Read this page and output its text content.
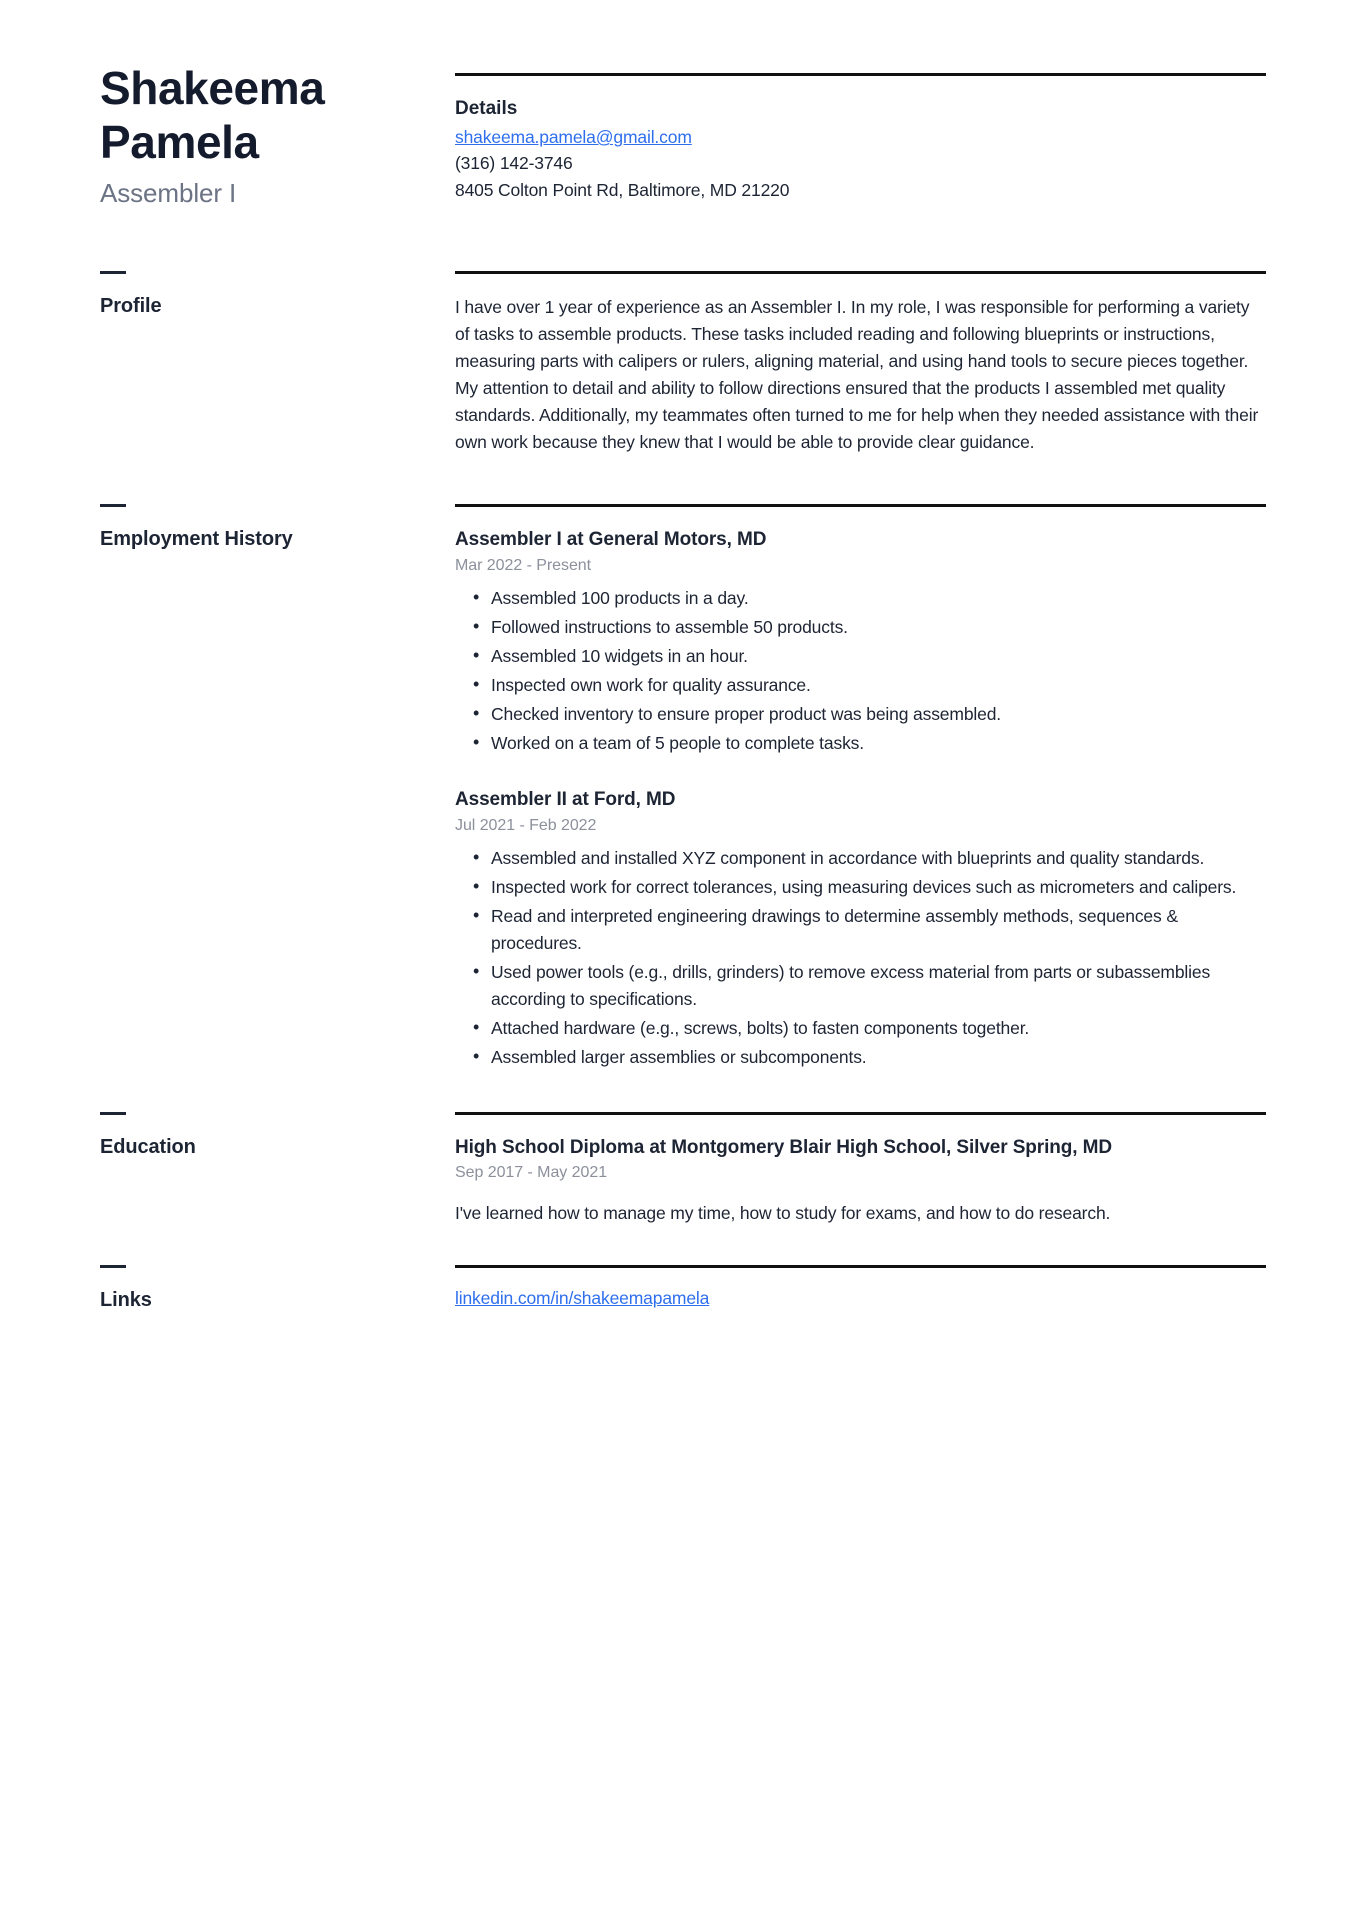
Shakeema
Pamela
Assembler I
Details
shakeema.pamela@gmail.com
(316) 142-3746
8405 Colton Point Rd, Baltimore, MD 21220
Profile	I have over 1 year of experience as an Assembler I. In my role, I was responsible for performing a variety of tasks to assemble products. These tasks included reading and following blueprints or instructions, measuring parts with calipers or rulers, aligning material, and using hand tools to secure pieces together. My attention to detail and ability to follow directions ensured that the products I assembled met quality standards. Additionally, my teammates often turned to me for help when they needed assistance with their own work because they knew that I would be able to provide clear guidance.

Employment History	Assembler I at General Motors, MD
Mar 2022 - Present
• Assembled 100 products in a day.
• Followed instructions to assemble 50 products.
• Assembled 10 widgets in an hour.
• Inspected own work for quality assurance.
• Checked inventory to ensure proper product was being assembled.
• Worked on a team of 5 people to complete tasks.
Assembler II at Ford, MD
Jul 2021 - Feb 2022
• Assembled and installed XYZ component in accordance with blueprints and quality standards.
• Inspected work for correct tolerances, using measuring devices such as micrometers and calipers.
• Read and interpreted engineering drawings to determine assembly methods, sequences & procedures.
• Used power tools (e.g., drills, grinders) to remove excess material from parts or subassemblies according to specifications.
• Attached hardware (e.g., screws, bolts) to fasten components together.
• Assembled larger assemblies or subcomponents.
Education	High School Diploma at Montgomery Blair High School, Silver Spring, MD
Sep 2017 - May 2021

I've learned how to manage my time, how to study for exams, and how to do research.

Links	linkedin.com/in/shakeemapamela
